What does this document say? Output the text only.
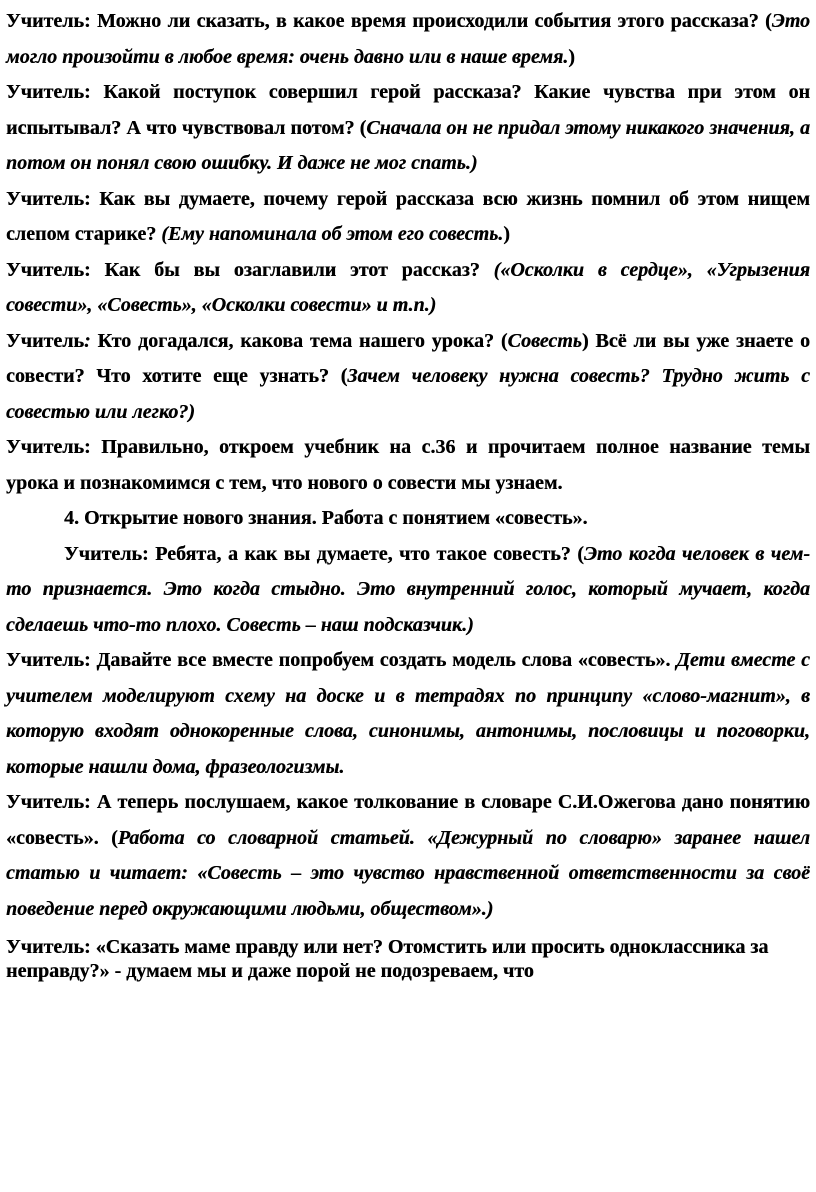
Учитель: Можно ли сказать, в какое время происходили события этого рассказа? (Это могло произойти в любое время: очень давно или в наше время.)

Учитель: Какой поступок совершил герой рассказа? Какие чувства при этом он испытывал? А что чувствовал потом? (Сначала он не придал этому никакого значения, а потом он понял свою ошибку. И даже не мог спать.)

Учитель: Как вы думаете, почему герой рассказа всю жизнь помнил об этом нищем слепом старике? (Ему напоминала об этом его совесть.)

Учитель: Как бы вы озаглавили этот рассказ? («Осколки в сердце», «Угрызения совести», «Совесть», «Осколки совести» и т.п.)

Учитель: Кто догадался, какова тема нашего урока? (Совесть) Всё ли вы уже знаете о совести? Что хотите еще узнать? (Зачем человеку нужна совесть? Трудно жить с совестью или легко?)

Учитель: Правильно, откроем учебник на с.36 и прочитаем полное название темы урока и познакомимся с тем, что нового о совести мы узнаем.

4. Открытие нового знания. Работа с понятием «совесть».

Учитель: Ребята, а как вы думаете, что такое совесть? (Это когда человек в чем-то признается. Это когда стыдно. Это внутренний голос, который мучает, когда сделаешь что-то плохо. Совесть – наш подсказчик.)

Учитель: Давайте все вместе попробуем создать модель слова «совесть». Дети вместе с учителем моделируют схему на доске и в тетрадях по принципу «слово-магнит», в которую входят однокоренные слова, синонимы, антонимы, пословицы и поговорки, которые нашли дома, фразеологизмы.

Учитель: А теперь послушаем, какое толкование в словаре С.И.Ожегова дано понятию «совесть». (Работа со словарной статьей. «Дежурный по словарю» заранее нашел статью и читает: «Совесть – это чувство нравственной ответственности за своё поведение перед окружающими людьми, обществом».)

Учитель: «Сказать маме правду или нет? Отомстить или просить одноклассника за неправду?» - думаем мы и даже порой не подозреваем, что
